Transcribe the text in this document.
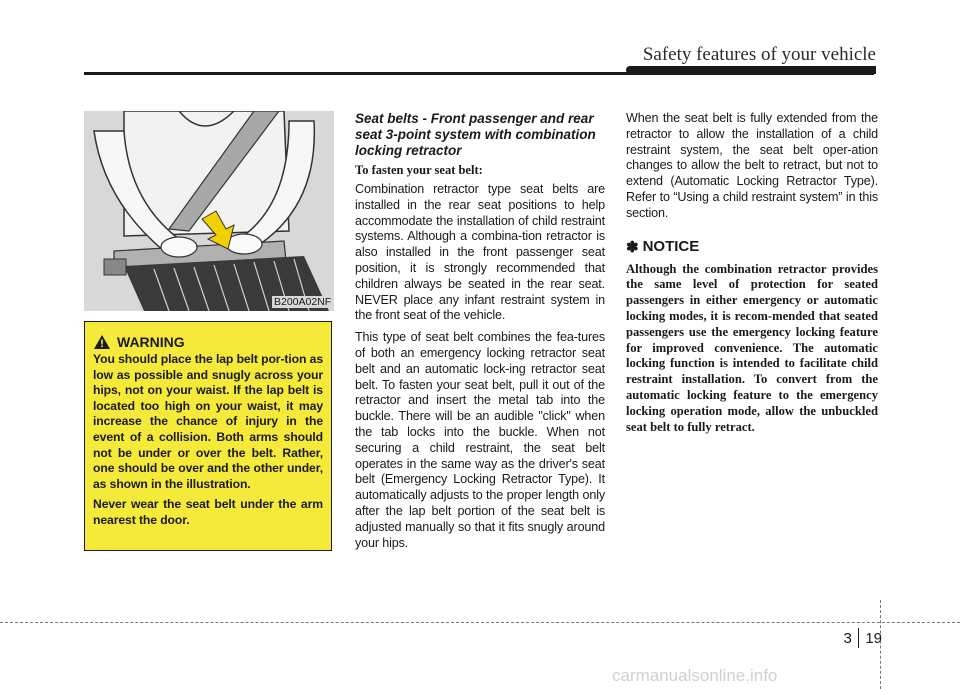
Safety features of your vehicle
B200A02NF
WARNING

You should place the lap belt por-tion as low as possible and snugly across your hips, not on your waist. If the lap belt is located too high on your waist, it may increase the chance of injury in the event of a collision. Both arms should not be under or over the belt. Rather, one should be over and the other under, as shown in the illustration.

Never wear the seat belt under the arm nearest the door.

Seat belts - Front passenger and rear seat 3-point system with combination locking retractor

To fasten your seat belt:

Combination retractor type seat belts are installed in the rear seat positions to help accommodate the installation of child restraint systems. Although a combina-tion retractor is also installed in the front passenger seat position, it is strongly recommended that children always be seated in the rear seat. NEVER place any infant restraint system in the front seat of the vehicle.

This type of seat belt combines the fea-tures of both an emergency locking retractor seat belt and an automatic lock-ing retractor seat belt. To fasten your seat belt, pull it out of the retractor and insert the metal tab into the buckle. There will be an audible "click" when the tab locks into the buckle. When not securing a child restraint, the seat belt operates in the same way as the driver's seat belt (Emergency Locking Retractor Type). It automatically adjusts to the proper length only after the lap belt portion of the seat belt is adjusted manually so that it fits snugly around your hips.

When the seat belt is fully extended from the retractor to allow the installation of a child restraint system, the seat belt oper-ation changes to allow the belt to retract, but not to extend (Automatic Locking Retractor Type). Refer to “Using a child restraint system” in this section.

✽ NOTICE

Although the combination retractor provides the same level of protection for seated passengers in either emergency or automatic locking modes, it is recom-mended that seated passengers use the emergency locking feature for improved convenience. The automatic locking function is intended to facilitate child restraint installation. To convert from the automatic locking feature to the emergency locking operation mode, allow the unbuckled seat belt to fully retract.

3 19
carmanualsonline.info
